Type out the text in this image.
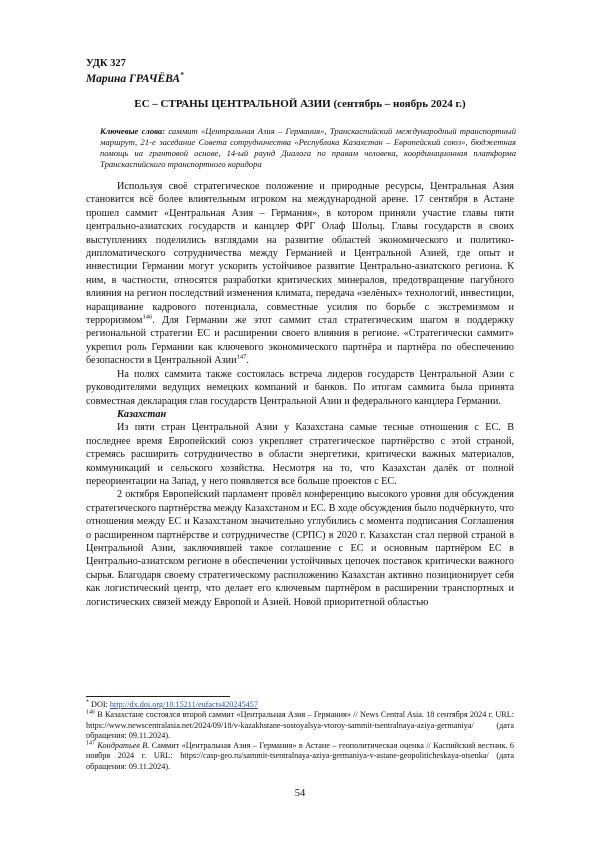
УДК 327
Марина ГРАЧЁВА*
ЕС – СТРАНЫ ЦЕНТРАЛЬНОЙ АЗИИ (сентябрь – ноябрь 2024 г.)
Ключевые слова: саммит «Центральная Азия – Германия», Транскаспийский международный транспортный маршрут, 21-е заседание Совета сотрудничества «Республика Казахстан – Европейский союз», бюджетная помощь на грантовой основе, 14-ый раунд Диалога по правам человека, координационная платформа Транскаспийского транспортного коридора

Используя своё стратегическое положение и природные ресурсы, Центральная Азия становится всё более влиятельным игроком на международной арене. 17 сентября в Астане прошел саммит «Центральная Азия – Германия», в котором приняли участие главы пяти центрально-азиатских государств и канцлер ФРГ Олаф Шольц. Главы государств в своих выступлениях поделились взглядами на развитие областей экономического и политико-дипломатического сотрудничества между Германией и Центральной Азией, где опыт и инвестиции Германии могут ускорить устойчивое развитие Центрально-азиатского региона. К ним, в частности, относятся разработки критических минералов, предотвращение пагубного влияния на регион последствий изменения климата, передача «зелёных» технологий, инвестиции, наращивание кадрового потенциала, совместные усилия по борьбе с экстремизмом и терроризмом$^{146}$. Для Германии же этот саммит стал стратегическим шагом в поддержку региональной стратегии ЕС и расширении своего влияния в регионе. «Стратегически саммит» укрепил роль Германии как ключевого экономического партнёра и партнёра по обеспечению безопасности в Центральной Азии$^{147}$.

На полях саммита также состоялась встреча лидеров государств Центральной Азии с руководителями ведущих немецких компаний и банков. По итогам саммита была принята совместная декларация глав государств Центральной Азии и федерального канцлера Германии.

Казахстан

Из пяти стран Центральной Азии у Казахстана самые тесные отношения с ЕС. В последнее время Европейский союз укрепляет стратегическое партнёрство с этой страной, стремясь расширить сотрудничество в области энергетики, критически важных материалов, коммуникаций и сельского хозяйства. Несмотря на то, что Казахстан далёк от полной переориентации на Запад, у него появляется все больше проектов с ЕС.

2 октября Европейский парламент провёл конференцию высокого уровня для обсуждения стратегического партнёрства между Казахстаном и ЕС. В ходе обсуждения было подчёркнуто, что отношения между ЕС и Казахстаном значительно углубились с момента подписания Соглашения о расширенном партнёрстве и сотрудничестве (СРПС) в 2020 г. Казахстан стал первой страной в Центральной Азии, заключившей такое соглашение с ЕС и основным партнёром ЕС в Центрально-азиатском регионе в обеспечении устойчивых цепочек поставок критически важного сырья. Благодаря своему стратегическому расположению Казахстан активно позиционирует себя как логистический центр, что делает его ключевым партнёром в расширении транспортных и логистических связей между Европой и Азией. Новой приоритетной областью

* DOI: http://dx.doi.org/10.15211/eufacts420245457
$^{146}$ В Казахстане состоялся второй саммит «Центральная Азия – Германия» // News Central Asia. 18 сентября 2024 г. URL: https://www.newscentralasia.net/2024/09/18/v-kazakhstane-sostoyalsya-vtoroy-sammit-tsentralnaya-aziya-germaniya/ (дата обращения: 09.11.2024).
$^{147}$ Кондратьев В. Саммит «Центральная Азия – Германия» в Астане – геополитическая оценка // Каспийский вестник. 6 ноября 2024 г. URL: https://casp-geo.ru/sammit-tsentralnaya-aziya-germaniya-v-astane-geopoliticheskaya-otsenka/ (дата обращения: 09.11.2024).
54
